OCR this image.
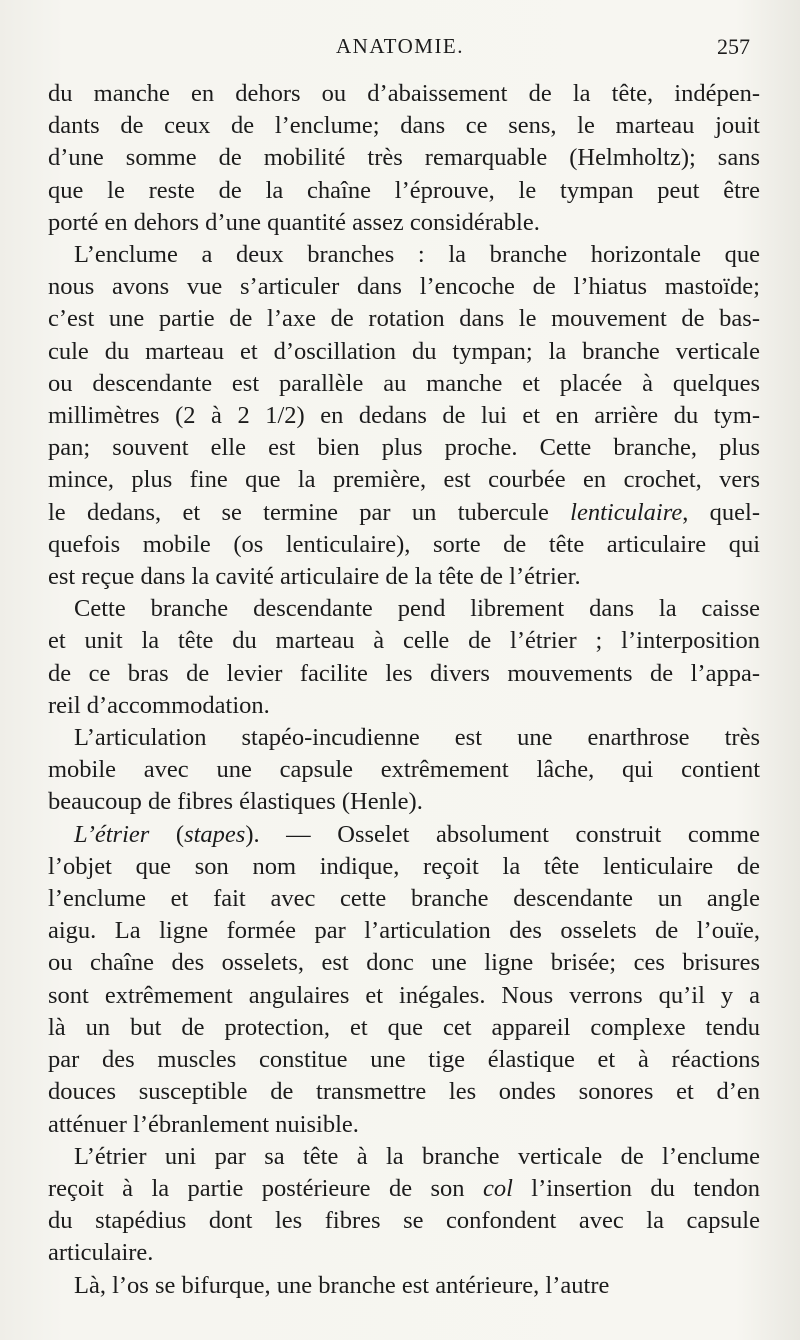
ANATOMIE.	257
du manche en dehors ou d’abaissement de la tête, indépen-
dants de ceux de l’enclume; dans ce sens, le marteau jouit
d’une somme de mobilité très remarquable (Helmholtz); sans
que le reste de la chaîne l’éprouve, le tympan peut être
porté en dehors d’une quantité assez considérable.
L’enclume a deux branches : la branche horizontale que
nous avons vue s’articuler dans l’encoche de l’hiatus mastoïde;
c’est une partie de l’axe de rotation dans le mouvement de bas-
cule du marteau et d’oscillation du tympan; la branche verticale
ou descendante est parallèle au manche et placée à quelques
millimètres (2 à 2 1/2) en dedans de lui et en arrière du tym-
pan; souvent elle est bien plus proche. Cette branche, plus
mince, plus fine que la première, est courbée en crochet, vers
le dedans, et se termine par un tubercule lenticulaire, quel-
quefois mobile (os lenticulaire), sorte de tête articulaire qui
est reçue dans la cavité articulaire de la tête de l’étrier.
Cette branche descendante pend librement dans la caisse
et unit la tête du marteau à celle de l’étrier ; l’interposition
de ce bras de levier facilite les divers mouvements de l’appa-
reil d’accommodation.
L’articulation stapéo-incudienne est une enarthrose très
mobile avec une capsule extrêmement lâche, qui contient
beaucoup de fibres élastiques (Henle).
L’étrier (stapes). — Osselet absolument construit comme
l’objet que son nom indique, reçoit la tête lenticulaire de
l’enclume et fait avec cette branche descendante un angle
aigu. La ligne formée par l’articulation des osselets de l’ouïe,
ou chaîne des osselets, est donc une ligne brisée; ces brisures
sont extrêmement angulaires et inégales. Nous verrons qu’il y a
là un but de protection, et que cet appareil complexe tendu
par des muscles constitue une tige élastique et à réactions
douces susceptible de transmettre les ondes sonores et d’en
atténuer l’ébranlement nuisible.
L’étrier uni par sa tête à la branche verticale de l’enclume
reçoit à la partie postérieure de son col l’insertion du tendon
du stapédius dont les fibres se confondent avec la capsule
articulaire.
Là, l’os se bifurque, une branche est antérieure, l’autre
